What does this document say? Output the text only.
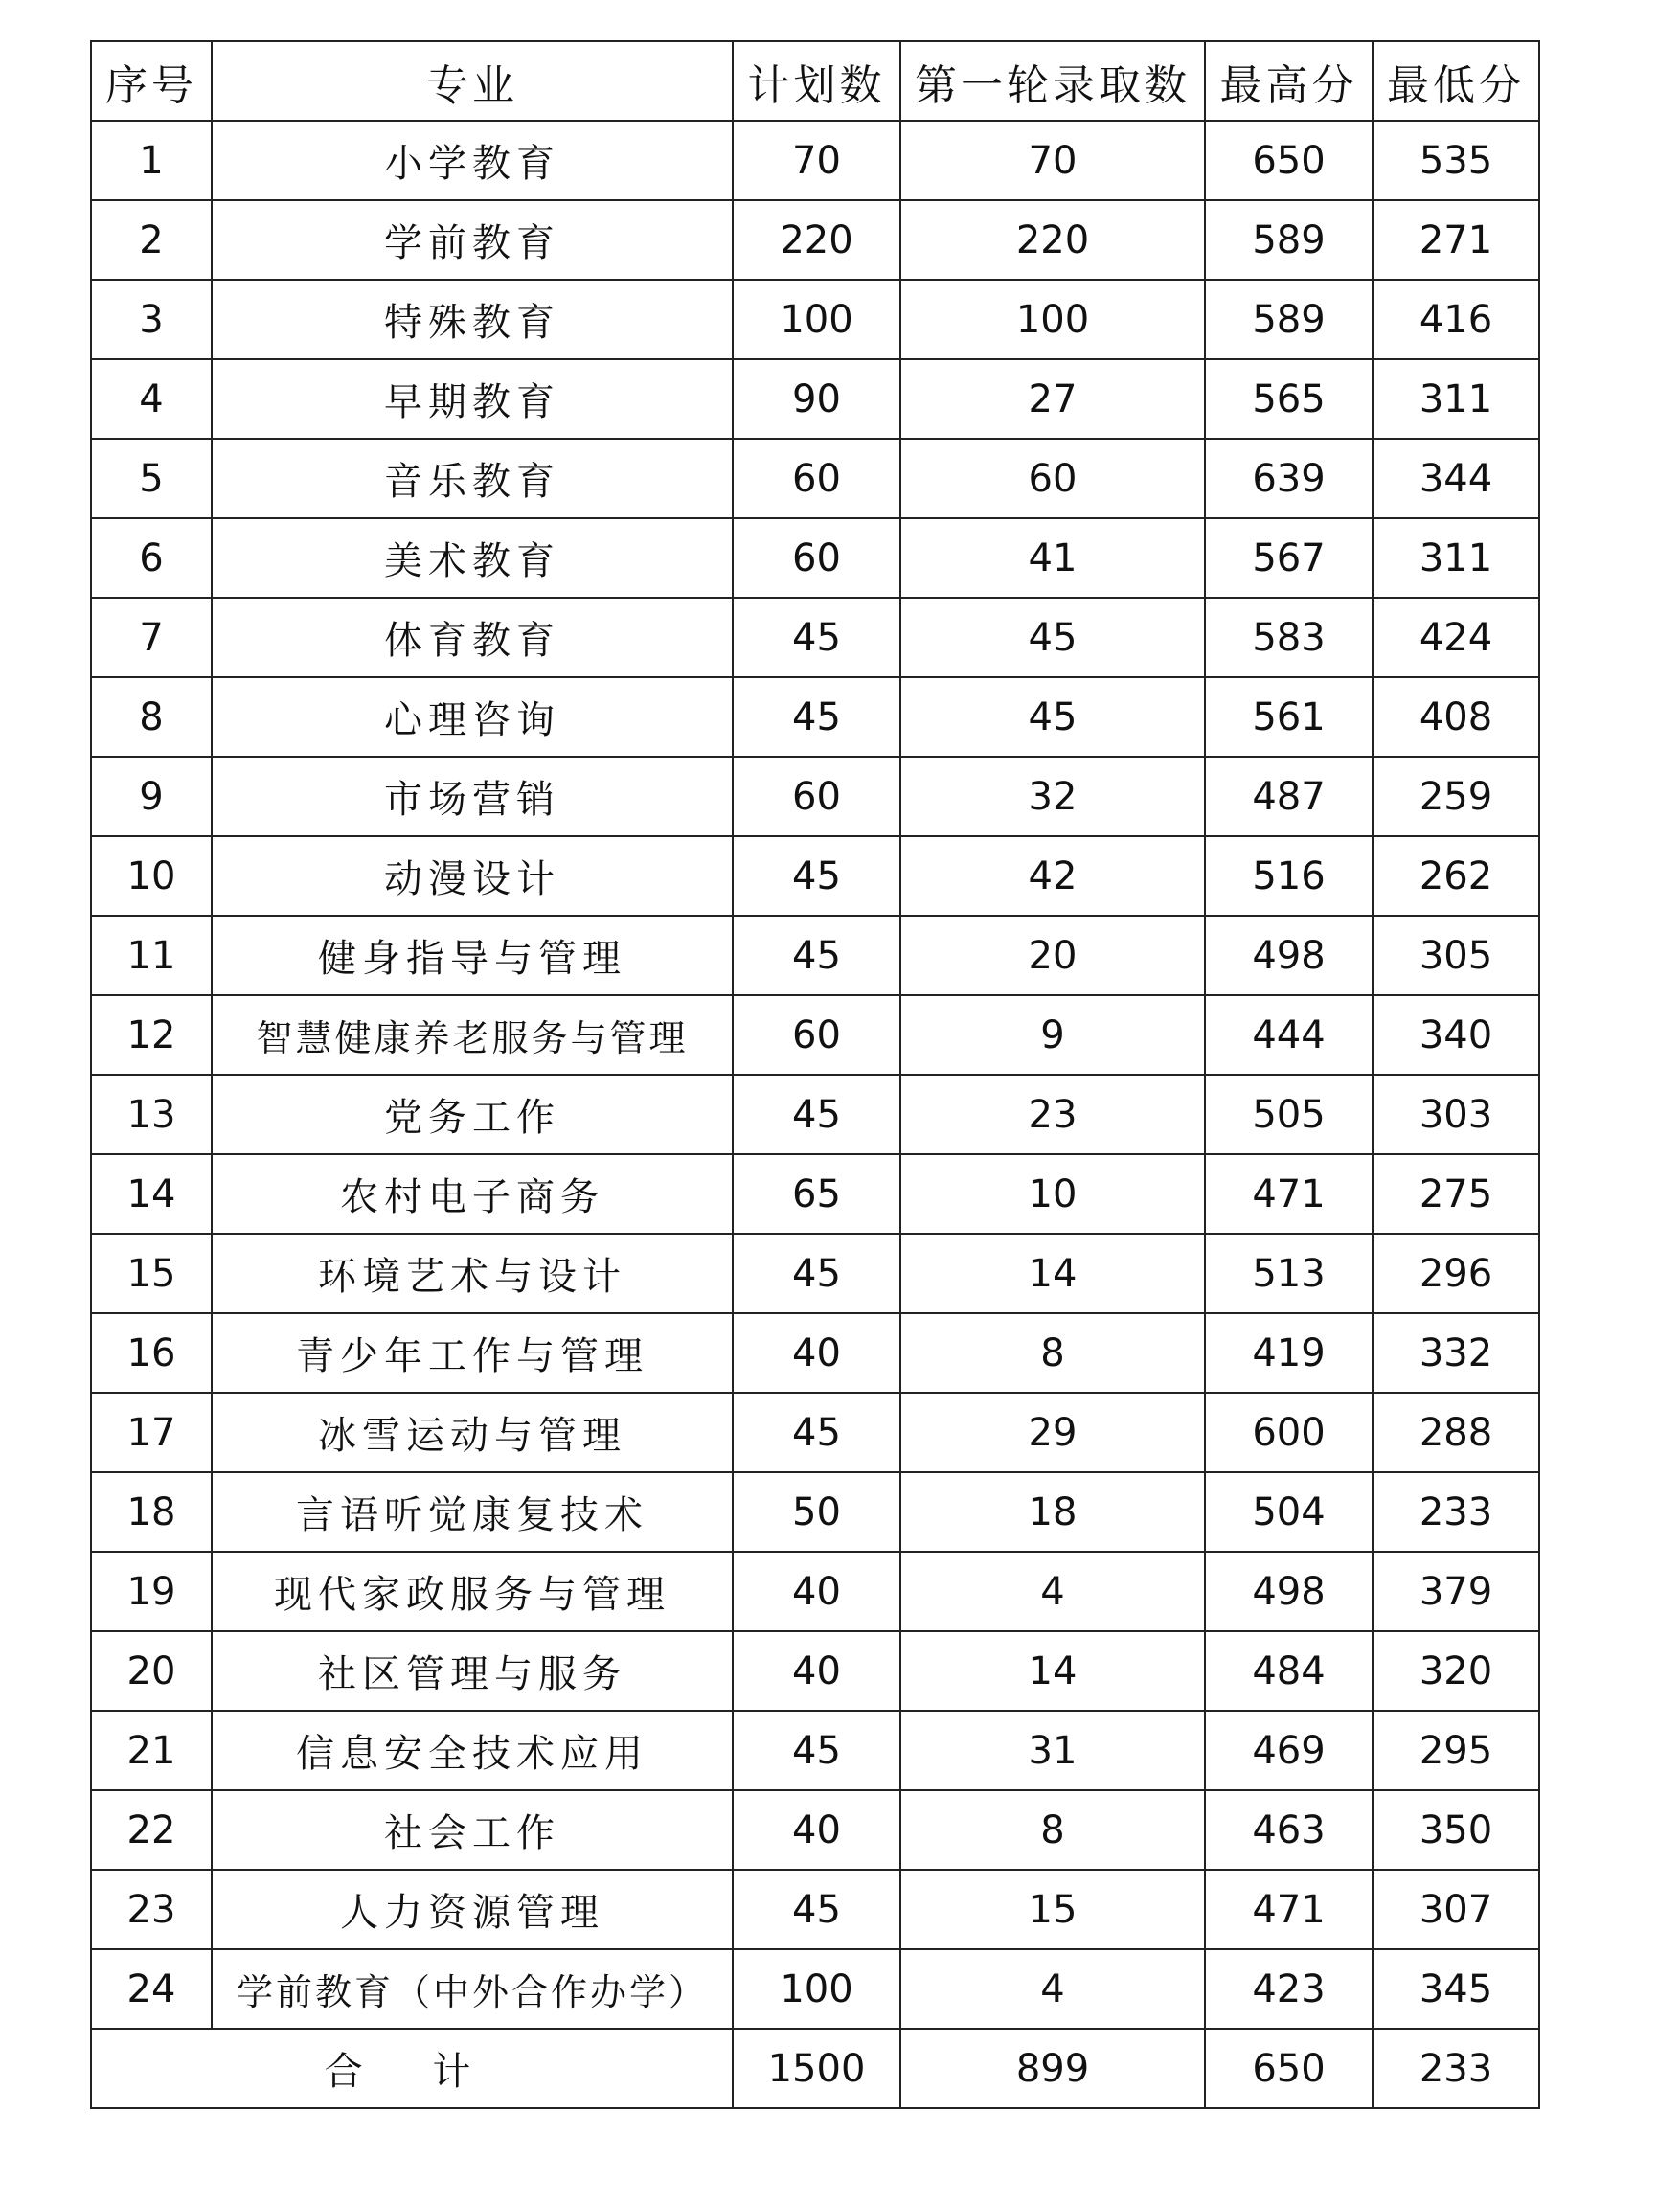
序号	专业	计划数	第一轮录取数	最高分	最低分
1	小学教育	70	70	650	535
2	学前教育	220	220	589	271
3	特殊教育	100	100	589	416
4	早期教育	90	27	565	311
5	音乐教育	60	60	639	344
6	美术教育	60	41	567	311
7	体育教育	45	45	583	424
8	心理咨询	45	45	561	408
9	市场营销	60	32	487	259
10	动漫设计	45	42	516	262
11	健身指导与管理	45	20	498	305
12	智慧健康养老服务与管理	60	9	444	340
13	党务工作	45	23	505	303
14	农村电子商务	65	10	471	275
15	环境艺术与设计	45	14	513	296
16	青少年工作与管理	40	8	419	332
17	冰雪运动与管理	45	29	600	288
18	言语听觉康复技术	50	18	504	233
19	现代家政服务与管理	40	4	498	379
20	社区管理与服务	40	14	484	320
21	信息安全技术应用	45	31	469	295
22	社会工作	40	8	463	350
23	人力资源管理	45	15	471	307
24	学前教育（中外合作办学）	100	4	423	345
合 计		1500	899	650	233
